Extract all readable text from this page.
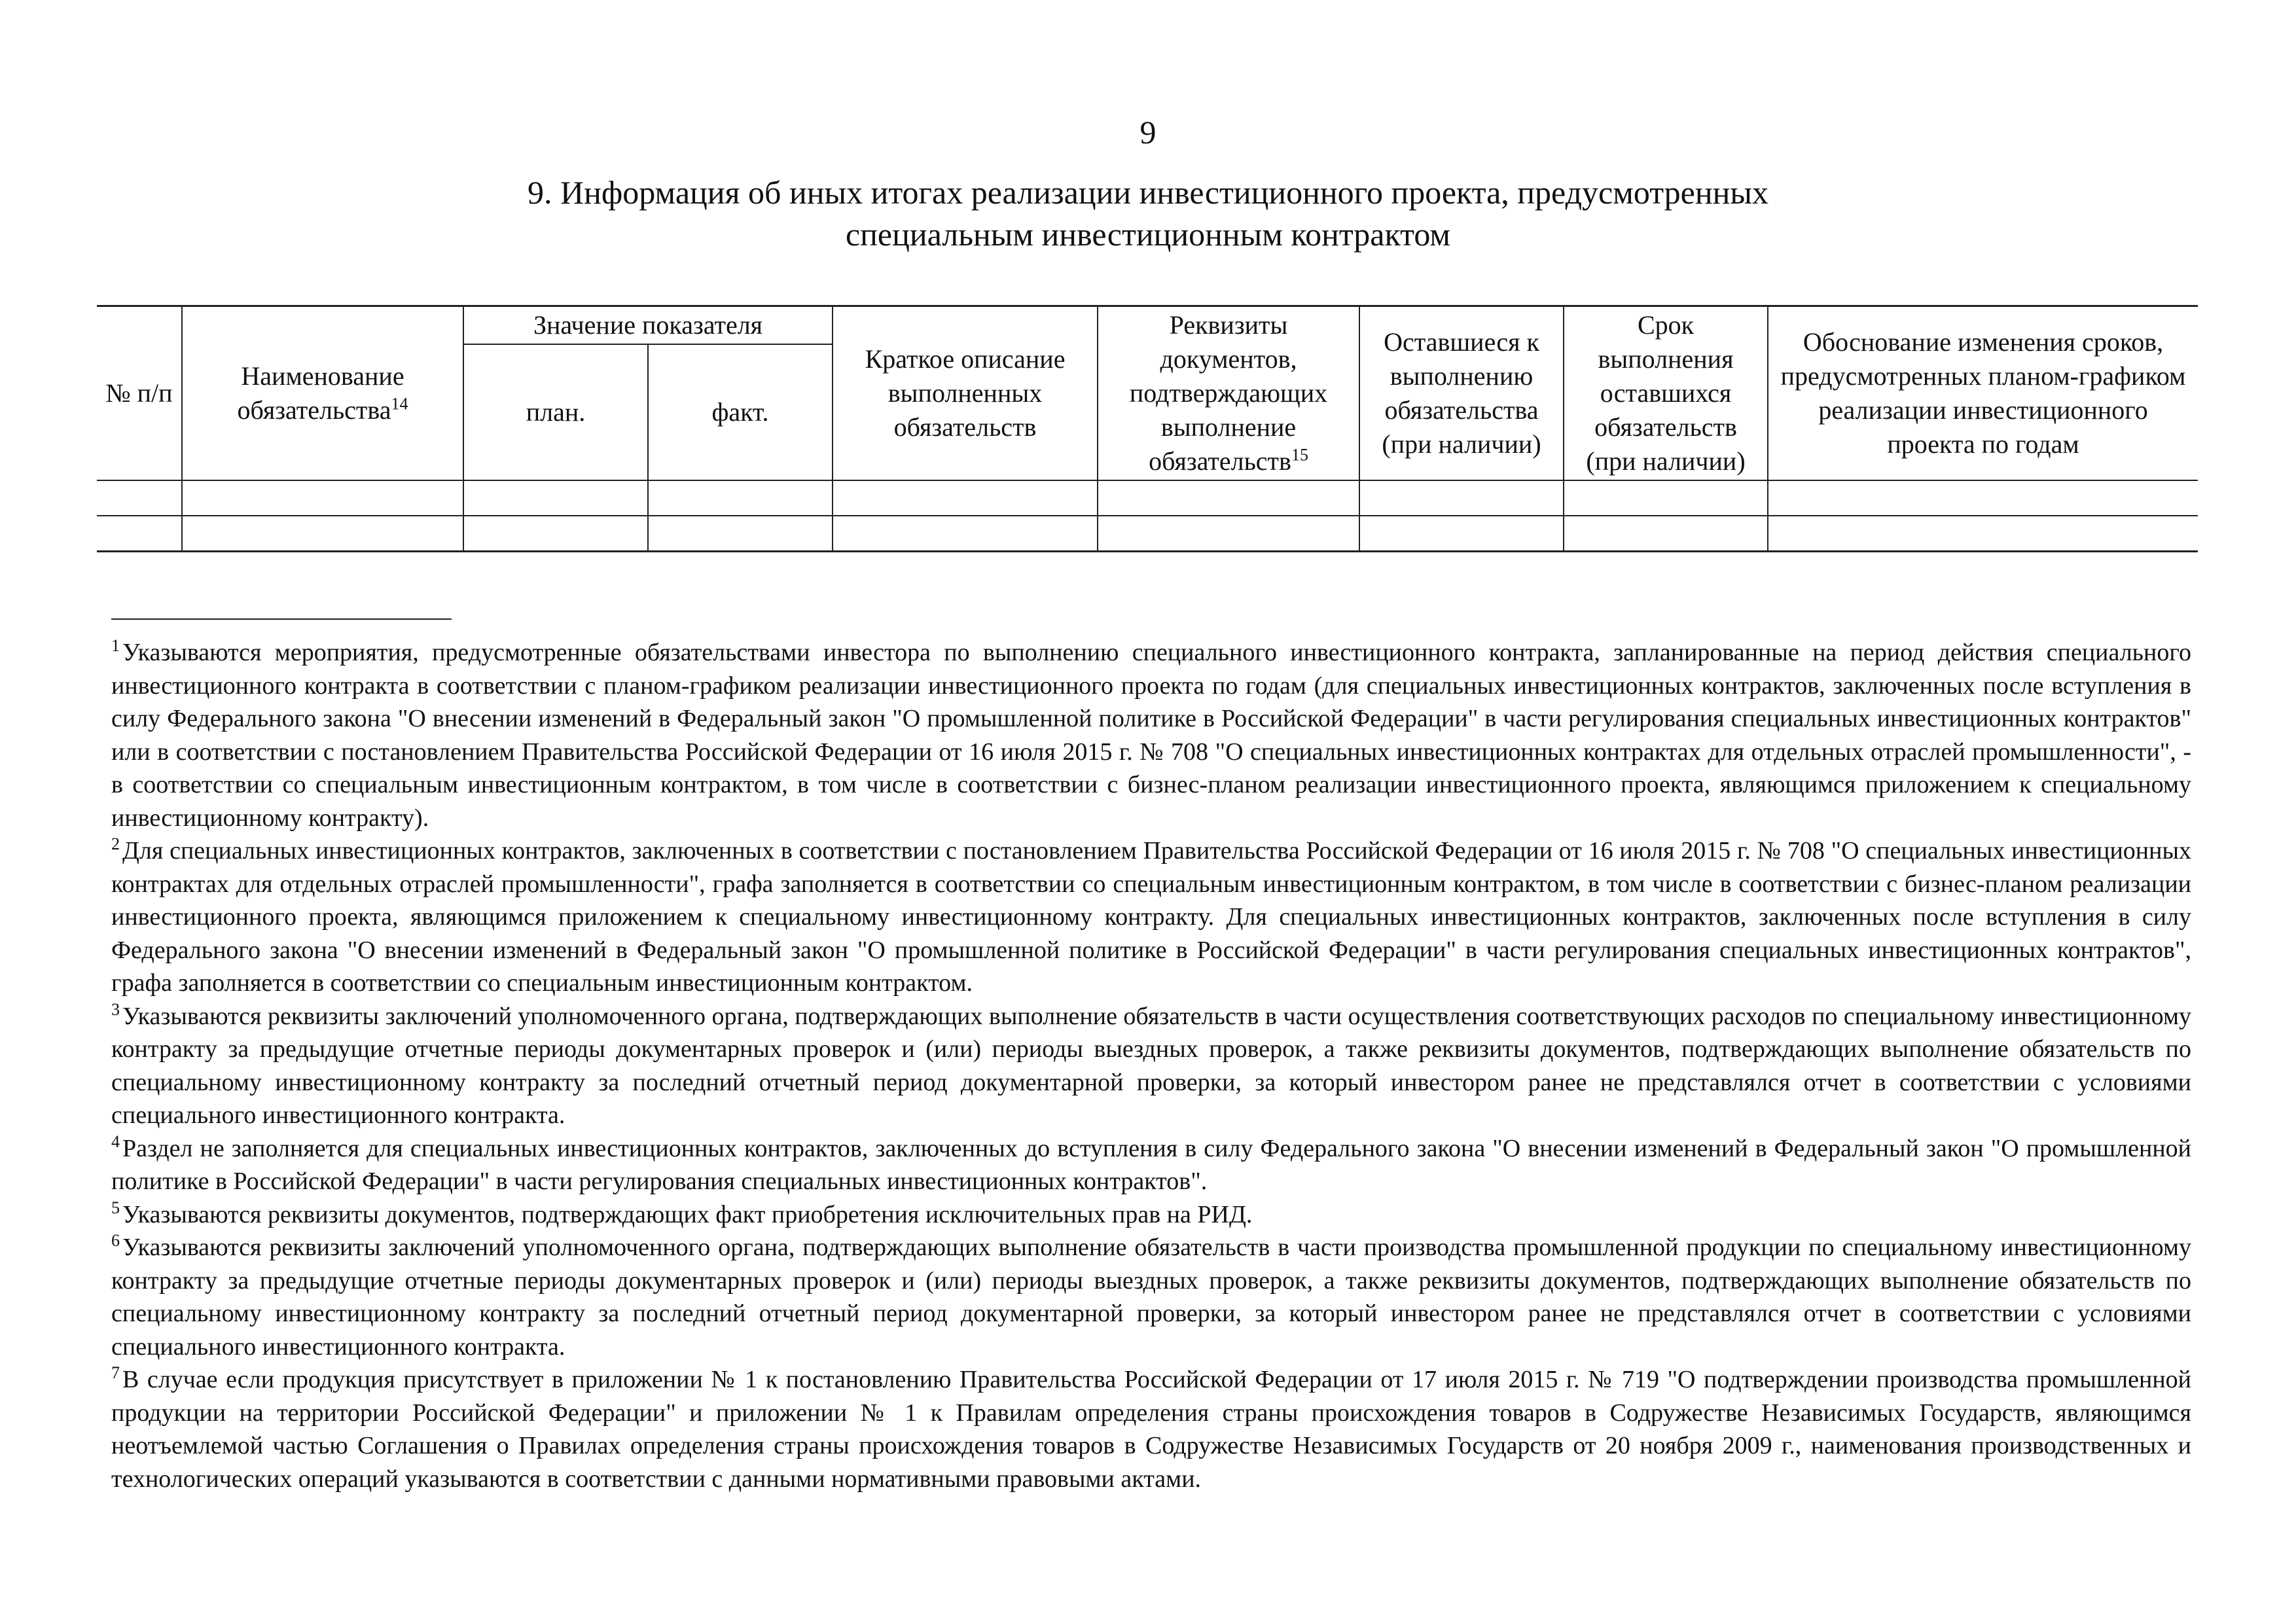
9
9. Информация об иных итогах реализации инвестиционного проекта, предусмотренных
специальным инвестиционным контрактом
№ п/п	Наименование обязательства$^{14}$	Значение показателя		Краткое описание выполненных обязательств	Реквизиты документов, подтверждающих выполнение обязательств$^{15}$	Оставшиеся к выполнению обязательства (при наличии)	Срок выполнения оставшихся обязательств (при наличии)	Обоснование изменения сроков, предусмотренных планом-графиком реализации инвестиционного проекта по годам
		план.	факт.					

$^1$ Указываются мероприятия, предусмотренные обязательствами инвестора по выполнению специального инвестиционного контракта, запланированные на период действия специального инвестиционного контракта в соответствии с планом-графиком реализации инвестиционного проекта по годам (для специальных инвестиционных контрактов, заключенных после вступления в силу Федерального закона "О внесении изменений в Федеральный закон "О промышленной политике в Российской Федерации" в части регулирования специальных инвестиционных контрактов" или в соответствии с постановлением Правительства Российской Федерации от 16 июля 2015 г. № 708 "О специальных инвестиционных контрактах для отдельных отраслей промышленности", - в соответствии со специальным инвестиционным контрактом, в том числе в соответствии с бизнес-планом реализации инвестиционного проекта, являющимся приложением к специальному инвестиционному контракту).

$^2$ Для специальных инвестиционных контрактов, заключенных в соответствии с постановлением Правительства Российской Федерации от 16 июля 2015 г. № 708 "О специальных инвестиционных контрактах для отдельных отраслей промышленности", графа заполняется в соответствии со специальным инвестиционным контрактом, в том числе в соответствии с бизнес-планом реализации инвестиционного проекта, являющимся приложением к специальному инвестиционному контракту. Для специальных инвестиционных контрактов, заключенных после вступления в силу Федерального закона "О внесении изменений в Федеральный закон "О промышленной политике в Российской Федерации" в части регулирования специальных инвестиционных контрактов", графа заполняется в соответствии со специальным инвестиционным контрактом.

$^3$ Указываются реквизиты заключений уполномоченного органа, подтверждающих выполнение обязательств в части осуществления соответствующих расходов по специальному инвестиционному контракту за предыдущие отчетные периоды документарных проверок и (или) периоды выездных проверок, а также реквизиты документов, подтверждающих выполнение обязательств по специальному инвестиционному контракту за последний отчетный период документарной проверки, за который инвестором ранее не представлялся отчет в соответствии с условиями специального инвестиционного контракта.

$^4$ Раздел не заполняется для специальных инвестиционных контрактов, заключенных до вступления в силу Федерального закона "О внесении изменений в Федеральный закон "О промышленной политике в Российской Федерации" в части регулирования специальных инвестиционных контрактов".

$^5$ Указываются реквизиты документов, подтверждающих факт приобретения исключительных прав на РИД.

$^6$ Указываются реквизиты заключений уполномоченного органа, подтверждающих выполнение обязательств в части производства промышленной продукции по специальному инвестиционному контракту за предыдущие отчетные периоды документарных проверок и (или) периоды выездных проверок, а также реквизиты документов, подтверждающих выполнение обязательств по специальному инвестиционному контракту за последний отчетный период документарной проверки, за который инвестором ранее не представлялся отчет в соответствии с условиями специального инвестиционного контракта.

$^7$ В случае если продукция присутствует в приложении № 1 к постановлению Правительства Российской Федерации от 17 июля 2015 г. № 719 "О подтверждении производства промышленной продукции на территории Российской Федерации" и приложении № 1 к Правилам определения страны происхождения товаров в Содружестве Независимых Государств, являющимся неотъемлемой частью Соглашения о Правилах определения страны происхождения товаров в Содружестве Независимых Государств от 20 ноября 2009 г., наименования производственных и технологических операций указываются в соответствии с данными нормативными правовыми актами.
